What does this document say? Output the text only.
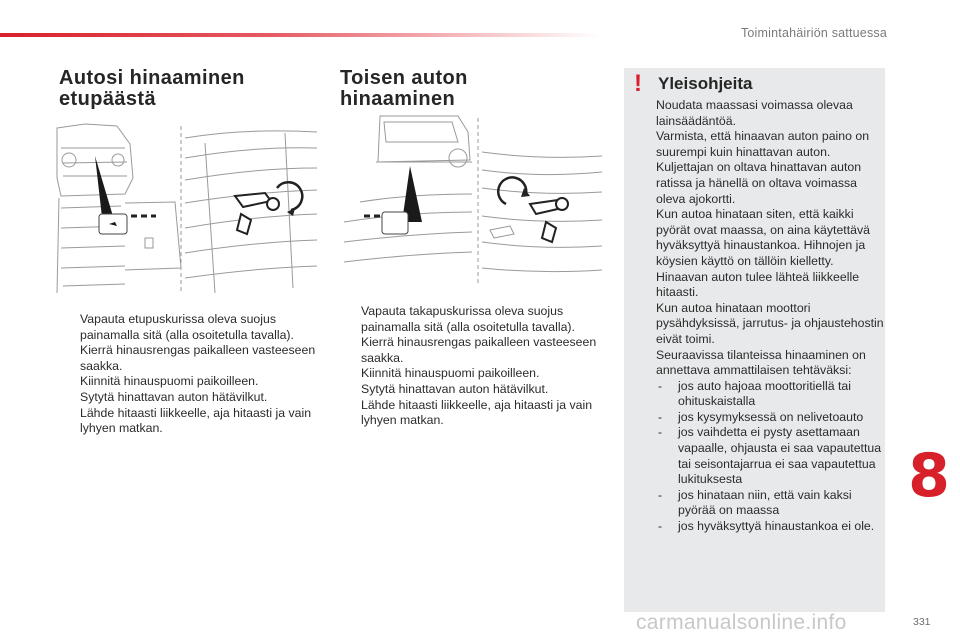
Toimintahäiriön sattuessa
Autosi hinaaminen
etupäästä
Vapauta etupuskurissa oleva suojus painamalla sitä (alla osoitetulla tavalla).
Kierrä hinausrengas paikalleen vasteeseen saakka.
Kiinnitä hinauspuomi paikoilleen.
Sytytä hinattavan auton hätävilkut.
Lähde hitaasti liikkeelle, aja hitaasti ja vain lyhyen matkan.
Toisen auton
hinaaminen
Vapauta takapuskurissa oleva suojus painamalla sitä (alla osoitetulla tavalla).
Kierrä hinausrengas paikalleen vasteeseen saakka.
Kiinnitä hinauspuomi paikoilleen.
Sytytä hinattavan auton hätävilkut.
Lähde hitaasti liikkeelle, aja hitaasti ja vain lyhyen matkan.
! Yleisohjeita

Noudata maassasi voimassa olevaa lainsäädäntöä.

Varmista, että hinaavan auton paino on suurempi kuin hinattavan auton.

Kuljettajan on oltava hinattavan auton ratissa ja hänellä on oltava voimassa oleva ajokortti.

Kun autoa hinataan siten, että kaikki pyörät ovat maassa, on aina käytettävä hyväksyttyä hinaustankoa. Hihnojen ja köysien käyttö on tällöin kielletty.

Hinaavan auton tulee lähteä liikkeelle hitaasti.

Kun autoa hinataan moottori pysähdyksissä, jarrutus- ja ohjaustehostin eivät toimi.

Seuraavissa tilanteissa hinaaminen on annettava ammattilaisen tehtäväksi:

- jos auto hajoaa moottoritiellä tai ohituskaistalla
- jos kysymyksessä on nelivetoauto
- jos vaihdetta ei pysty asettamaan vapaalle, ohjausta ei saa vapautettua tai seisontajarrua ei saa vapautettua lukituksesta
- jos hinataan niin, että vain kaksi pyörää on maassa
- jos hyväksyttyä hinaustankoa ei ole.
8
331
carmanualsonline.info
